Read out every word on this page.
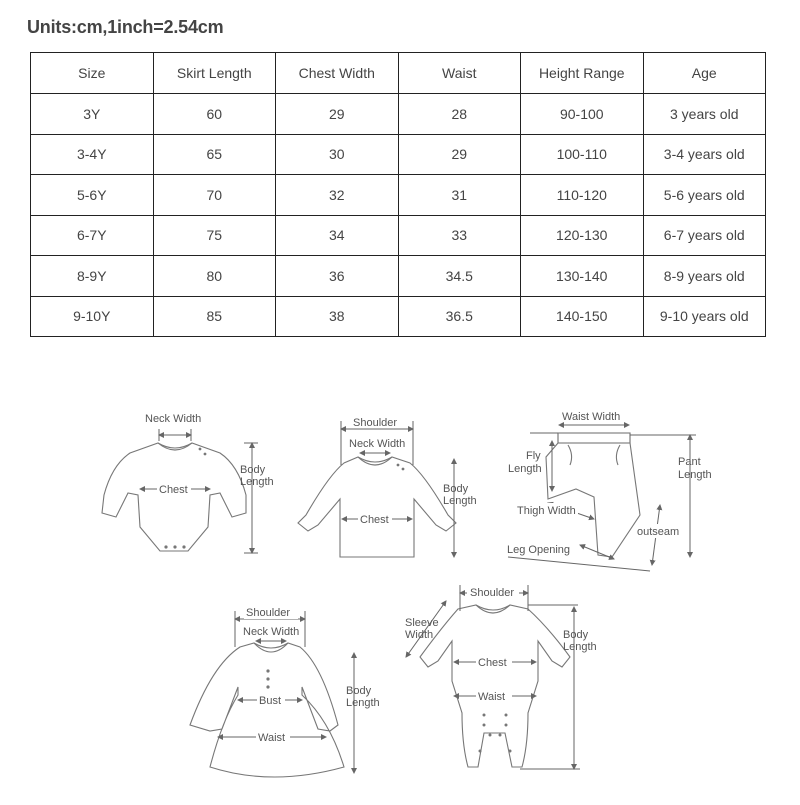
Units:cm,1inch=2.54cm
Size	Skirt Length	Chest Width	Waist	Height Range	Age
3Y	60	29	28	90-100	3 years old
3-4Y	65	30	29	100-110	3-4 years old
5-6Y	70	32	31	110-120	5-6 years old
6-7Y	75	34	33	120-130	6-7 years old
8-9Y	80	36	34.5	130-140	8-9 years old
9-10Y	85	38	36.5	140-150	9-10 years old
Neck Width
Chest
Body
Length
Shoulder
Neck Width
Chest
Body
Length
Waist Width
Fly
Length
Pant
Length
Thigh Width
outseam
Leg Opening
Shoulder
Neck Width
Bust
Waist
Body
Length
Shoulder
Sleeve
Width
Chest
Waist
Body
Length
